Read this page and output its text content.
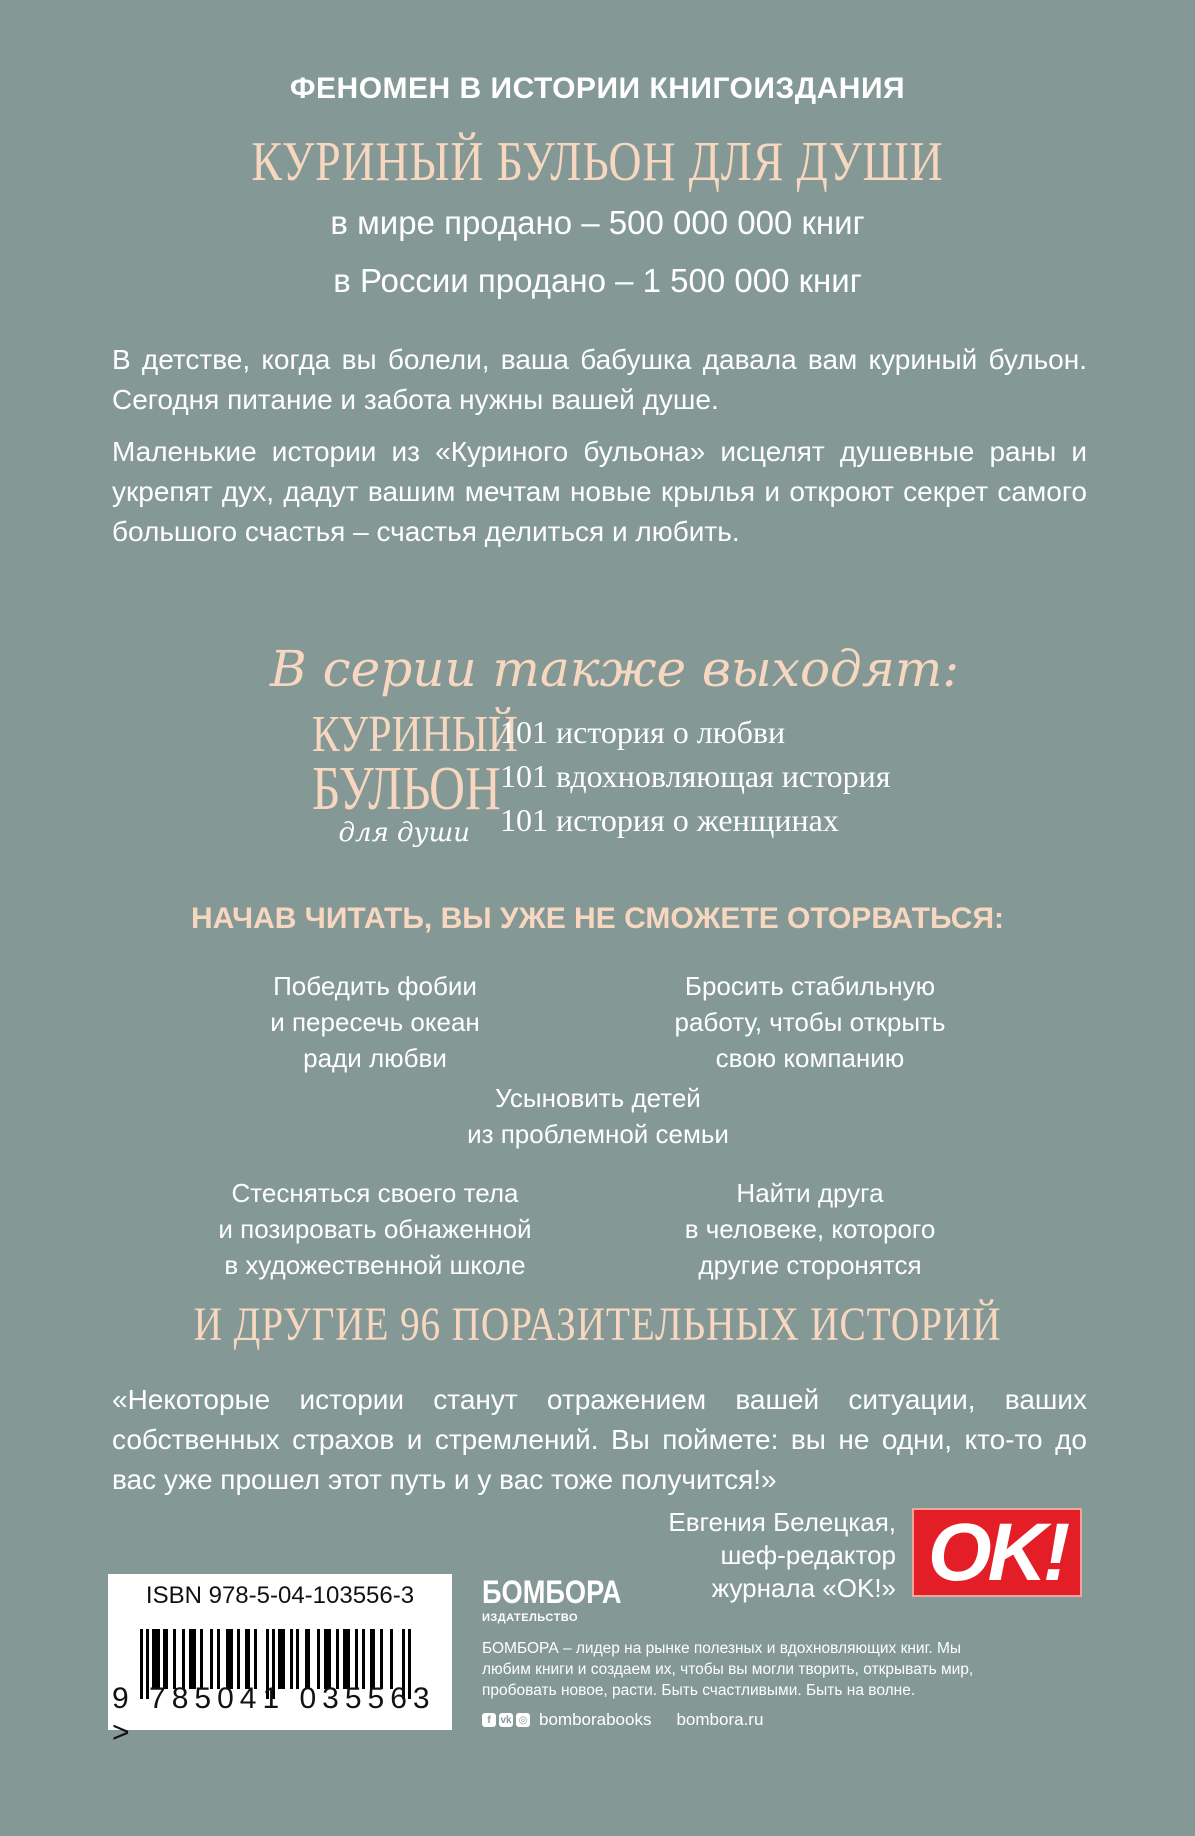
ФЕНОМЕН В ИСТОРИИ КНИГОИЗДАНИЯ
КУРИНЫЙ БУЛЬОН ДЛЯ ДУШИ
в мире продано – 500 000 000 книг
в России продано – 1 500 000 книг
В детстве, когда вы болели, ваша бабушка давала вам куриный бульон. Сегодня питание и забота нужны вашей душе.
Маленькие истории из «Куриного бульона» исцелят душевные раны и укрепят дух, дадут вашим мечтам новые крылья и откроют секрет самого большого счастья – счастья делиться и любить.
В серии также выходят:
КУРИНЫЙ
БУЛЬОН
для души
101 история о любви
101 вдохновляющая история
101 история о женщинах
НАЧАВ ЧИТАТЬ, ВЫ УЖЕ НЕ СМОЖЕТЕ ОТОРВАТЬСЯ:
Победить фобии
и пересечь океан
ради любви
Бросить стабильную
работу, чтобы открыть
свою компанию
Усыновить детей
из проблемной семьи
Стесняться своего тела
и позировать обнаженной
в художественной школе
Найти друга
в человеке, которого
другие сторонятся
И ДРУГИЕ 96 ПОРАЗИТЕЛЬНЫХ ИСТОРИЙ
«Некоторые истории станут отражением вашей ситуации, ваших собственных страхов и стремлений. Вы поймете: вы не одни, кто-то до вас уже прошел этот путь и у вас тоже получится!»
Евгения Белецкая,
шеф-редактор
журнала «OK!» OK!
ISBN 978-5-04-103556-3
9 785041 035563 >
БОМБОРА
ИЗДАТЕЛЬСТВО
БОМБОРА – лидер на рынке полезных и вдохновляющих книг. Мы любим книги и создаем их, чтобы вы могли творить, открывать мир, пробовать новое, расти. Быть счастливыми. Быть на волне.
f vk ◎ bomborabooks bombora.ru
